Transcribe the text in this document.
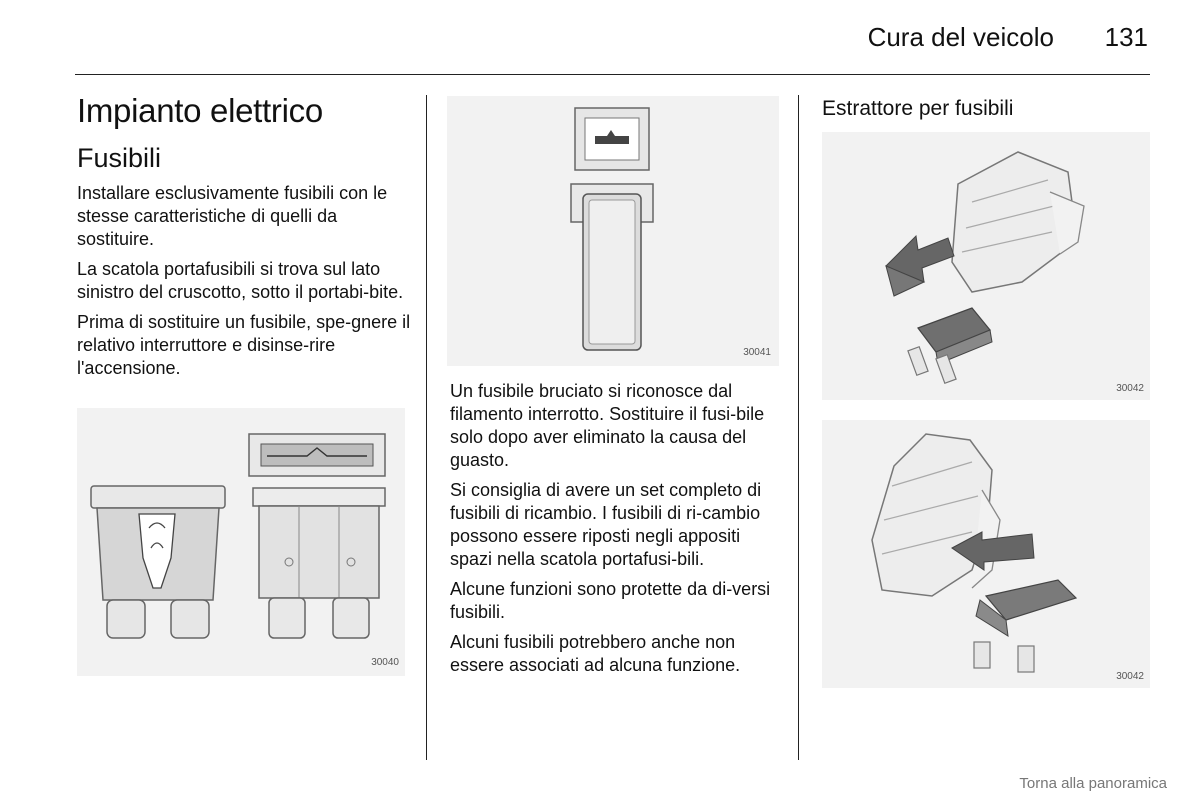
Cura del veicolo 131
Impianto elettrico
Fusibili

Installare esclusivamente fusibili con le stesse caratteristiche di quelli da sostituire.

La scatola portafusibili si trova sul lato sinistro del cruscotto, sotto il portabi-bite.

Prima di sostituire un fusibile, spe-gnere il relativo interruttore e disinse-rire l'accensione.

30040
30041

Un fusibile bruciato si riconosce dal filamento interrotto. Sostituire il fusi-bile solo dopo aver eliminato la causa del guasto.

Si consiglia di avere un set completo di fusibili di ricambio. I fusibili di ri-cambio possono essere riposti negli appositi spazi nella scatola portafusi-bili.

Alcune funzioni sono protette da di-versi fusibili.

Alcuni fusibili potrebbero anche non essere associati ad alcuna funzione.

Estrattore per fusibili
30042
30042
Torna alla panoramica
